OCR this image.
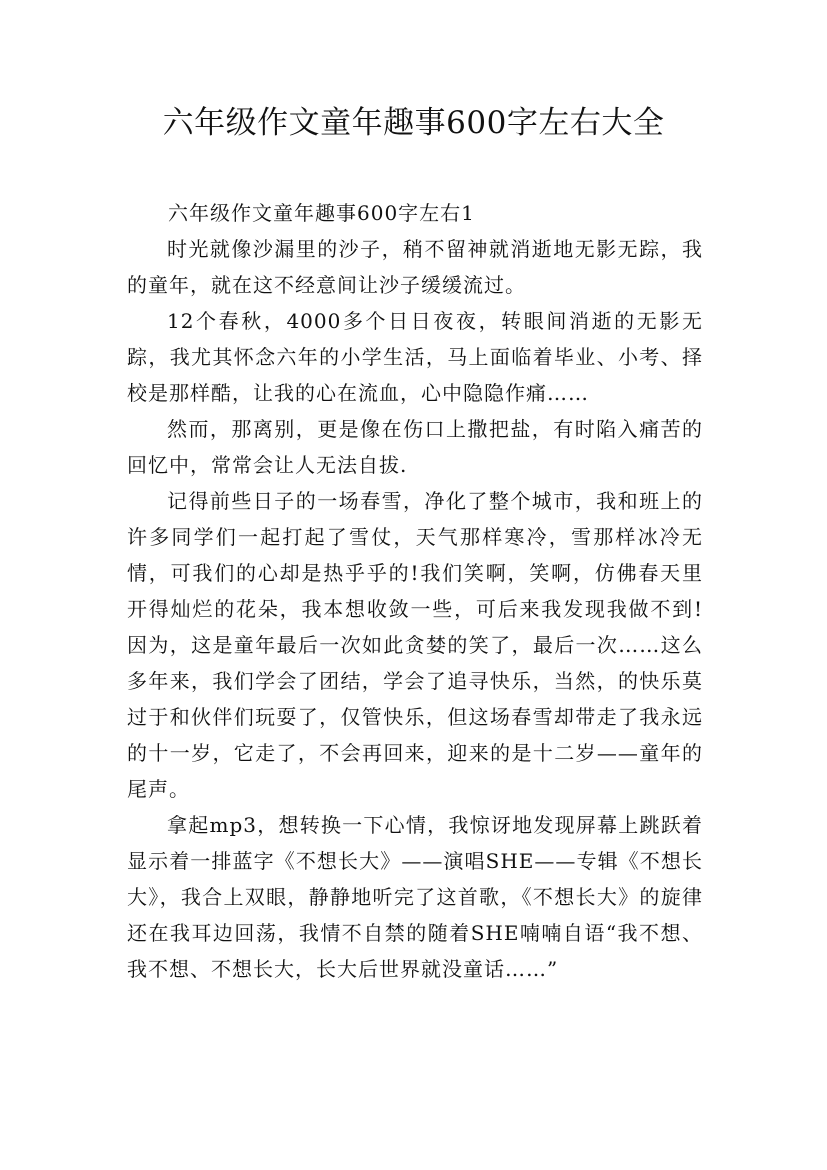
六年级作文童年趣事600字左右大全
六年级作文童年趣事600字左右1

时光就像沙漏里的沙子，稍不留神就消逝地无影无踪，我的童年，就在这不经意间让沙子缓缓流过。

12个春秋，4000多个日日夜夜，转眼间消逝的无影无踪，我尤其怀念六年的小学生活，马上面临着毕业、小考、择校是那样酷，让我的心在流血，心中隐隐作痛……

然而，那离别，更是像在伤口上撒把盐，有时陷入痛苦的回忆中，常常会让人无法自拔.

记得前些日子的一场春雪，净化了整个城市，我和班上的许多同学们一起打起了雪仗，天气那样寒冷，雪那样冰冷无情，可我们的心却是热乎乎的!我们笑啊，笑啊，仿佛春天里开得灿烂的花朵，我本想收敛一些，可后来我发现我做不到!因为，这是童年最后一次如此贪婪的笑了，最后一次……这么多年来，我们学会了团结，学会了追寻快乐，当然，的快乐莫过于和伙伴们玩耍了，仅管快乐，但这场春雪却带走了我永远的十一岁，它走了，不会再回来，迎来的是十二岁——童年的尾声。

拿起mp3，想转换一下心情，我惊讶地发现屏幕上跳跃着显示着一排蓝字《不想长大》——演唱SHE——专辑《不想长大》，我合上双眼，静静地听完了这首歌，《不想长大》的旋律还在我耳边回荡，我情不自禁的随着SHE喃喃自语“我不想、我不想、不想长大，长大后世界就没童话……”
